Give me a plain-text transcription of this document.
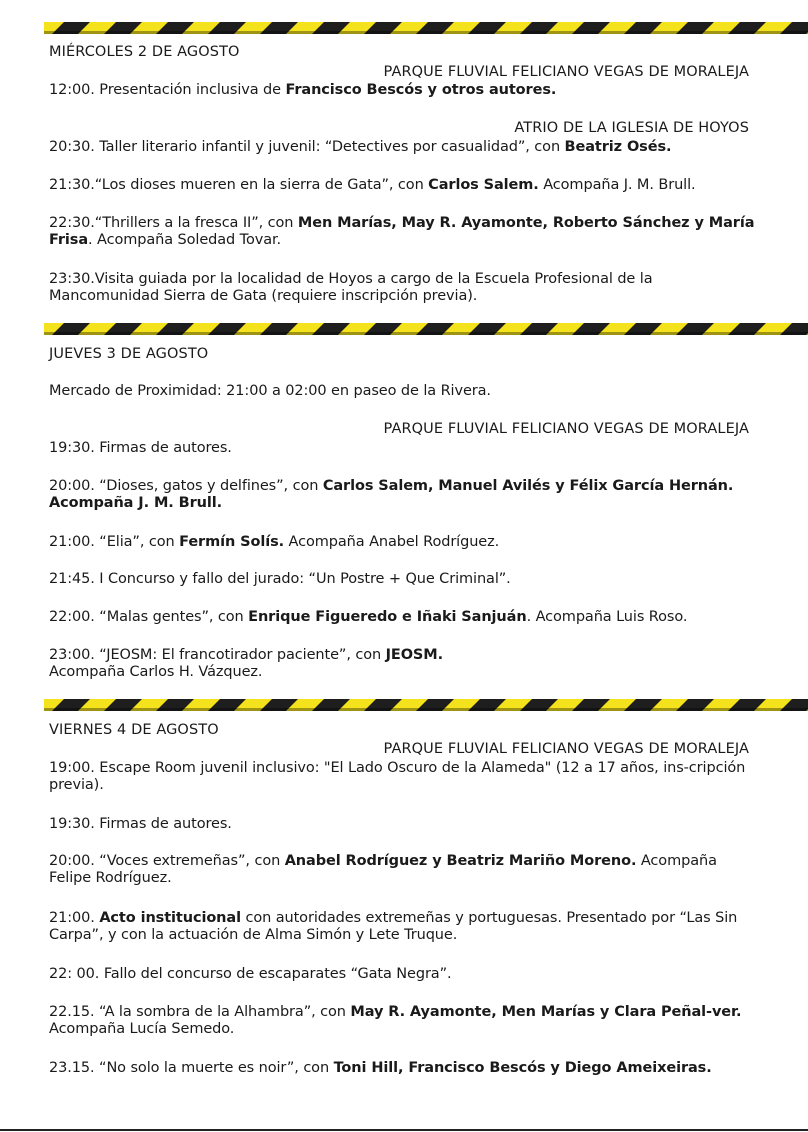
MIÉRCOLES 2 DE AGOSTO
PARQUE FLUVIAL FELICIANO VEGAS DE MORALEJA
12:00. Presentación inclusiva de Francisco Bescós y otros autores.
ATRIO DE LA IGLESIA DE HOYOS
20:30. Taller literario infantil y juvenil: “Detectives por casualidad”, con Beatriz Osés.
21:30.“Los dioses mueren en la sierra de Gata”, con Carlos Salem. Acompaña J. M. Brull.
22:30.“Thrillers a la fresca II”, con Men Marías, May R. Ayamonte, Roberto Sánchez y María Frisa. Acompaña Soledad Tovar.
23:30.Visita guiada por la localidad de Hoyos a cargo de la Escuela Profesional de la Mancomunidad Sierra de Gata (requiere inscripción previa).
JUEVES 3 DE AGOSTO
Mercado de Proximidad: 21:00 a 02:00 en paseo de la Rivera.
PARQUE FLUVIAL FELICIANO VEGAS DE MORALEJA
19:30. Firmas de autores.
20:00. “Dioses, gatos y delfines”, con Carlos Salem, Manuel Avilés y Félix García Hernán. Acompaña J. M. Brull.
21:00. “Elia”, con Fermín Solís. Acompaña Anabel Rodríguez.
21:45. I Concurso y fallo del jurado: “Un Postre + Que Criminal”.
22:00. “Malas gentes”, con Enrique Figueredo e Iñaki Sanjuán. Acompaña Luis Roso.
23:00. “JEOSM: El francotirador paciente”, con JEOSM. Acompaña Carlos H. Vázquez.
VIERNES 4 DE AGOSTO
PARQUE FLUVIAL FELICIANO VEGAS DE MORALEJA
19:00. Escape Room juvenil inclusivo: "El Lado Oscuro de la Alameda" (12 a 17 años, ins-cripción previa).
19:30. Firmas de autores.
20:00. “Voces extremeñas”, con Anabel Rodríguez y Beatriz Mariño Moreno. Acompaña Felipe Rodríguez.
21:00. Acto institucional con autoridades extremeñas y portuguesas. Presentado por “Las Sin Carpa”, y con la actuación de Alma Simón y Lete Truque.
22: 00. Fallo del concurso de escaparates “Gata Negra”.
22.15. “A la sombra de la Alhambra”, con May R. Ayamonte, Men Marías y Clara Peñal-ver. Acompaña Lucía Semedo.
23.15. “No solo la muerte es noir”, con Toni Hill, Francisco Bescós y Diego Ameixeiras.
